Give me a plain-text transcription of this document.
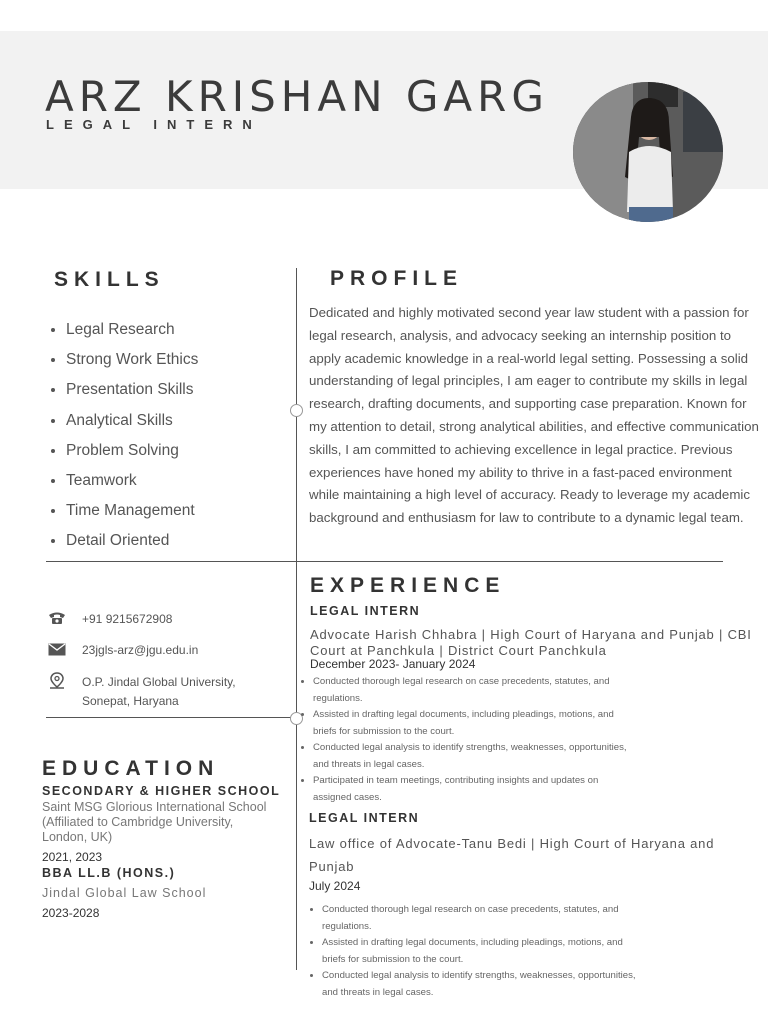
ARZ KRISHAN GARG
LEGAL INTERN
SKILLS
• Legal Research
• Strong Work Ethics
• Presentation Skills
• Analytical Skills
• Problem Solving
• Teamwork
• Time Management
• Detail Oriented
PROFILE
Dedicated and highly motivated second year law student with a passion for legal research, analysis, and advocacy seeking an internship position to apply academic knowledge in a real-world legal setting. Possessing a solid understanding of legal principles, I am eager to contribute my skills in legal research, drafting documents, and supporting case preparation. Known for my attention to detail, strong analytical abilities, and effective communication skills, I am committed to achieving excellence in legal practice. Previous experiences have honed my ability to thrive in a fast-paced environment while maintaining a high level of accuracy. Ready to leverage my academic background and enthusiasm for law to contribute to a dynamic legal team.
+91 9215672908
23jgls-arz@jgu.edu.in
O.P. Jindal Global University,
Sonepat, Haryana
EDUCATION
SECONDARY & HIGHER SCHOOL
Saint MSG Glorious International School (Affiliated to Cambridge University, London, UK)
2021, 2023
BBA LL.B (HONS.)
Jindal Global Law School
2023-2028
EXPERIENCE
LEGAL INTERN
Advocate Harish Chhabra | High Court of Haryana and Punjab | CBI Court at Panchkula | District Court Panchkula
December 2023- January 2024
• Conducted thorough legal research on case precedents, statutes, and regulations.
• Assisted in drafting legal documents, including pleadings, motions, and briefs for submission to the court.
• Conducted legal analysis to identify strengths, weaknesses, opportunities, and threats in legal cases.
• Participated in team meetings, contributing insights and updates on assigned cases.
LEGAL INTERN
Law office of Advocate-Tanu Bedi | High Court of Haryana and Punjab
July 2024
• Conducted thorough legal research on case precedents, statutes, and regulations.
• Assisted in drafting legal documents, including pleadings, motions, and briefs for submission to the court.
• Conducted legal analysis to identify strengths, weaknesses, opportunities, and threats in legal cases.
